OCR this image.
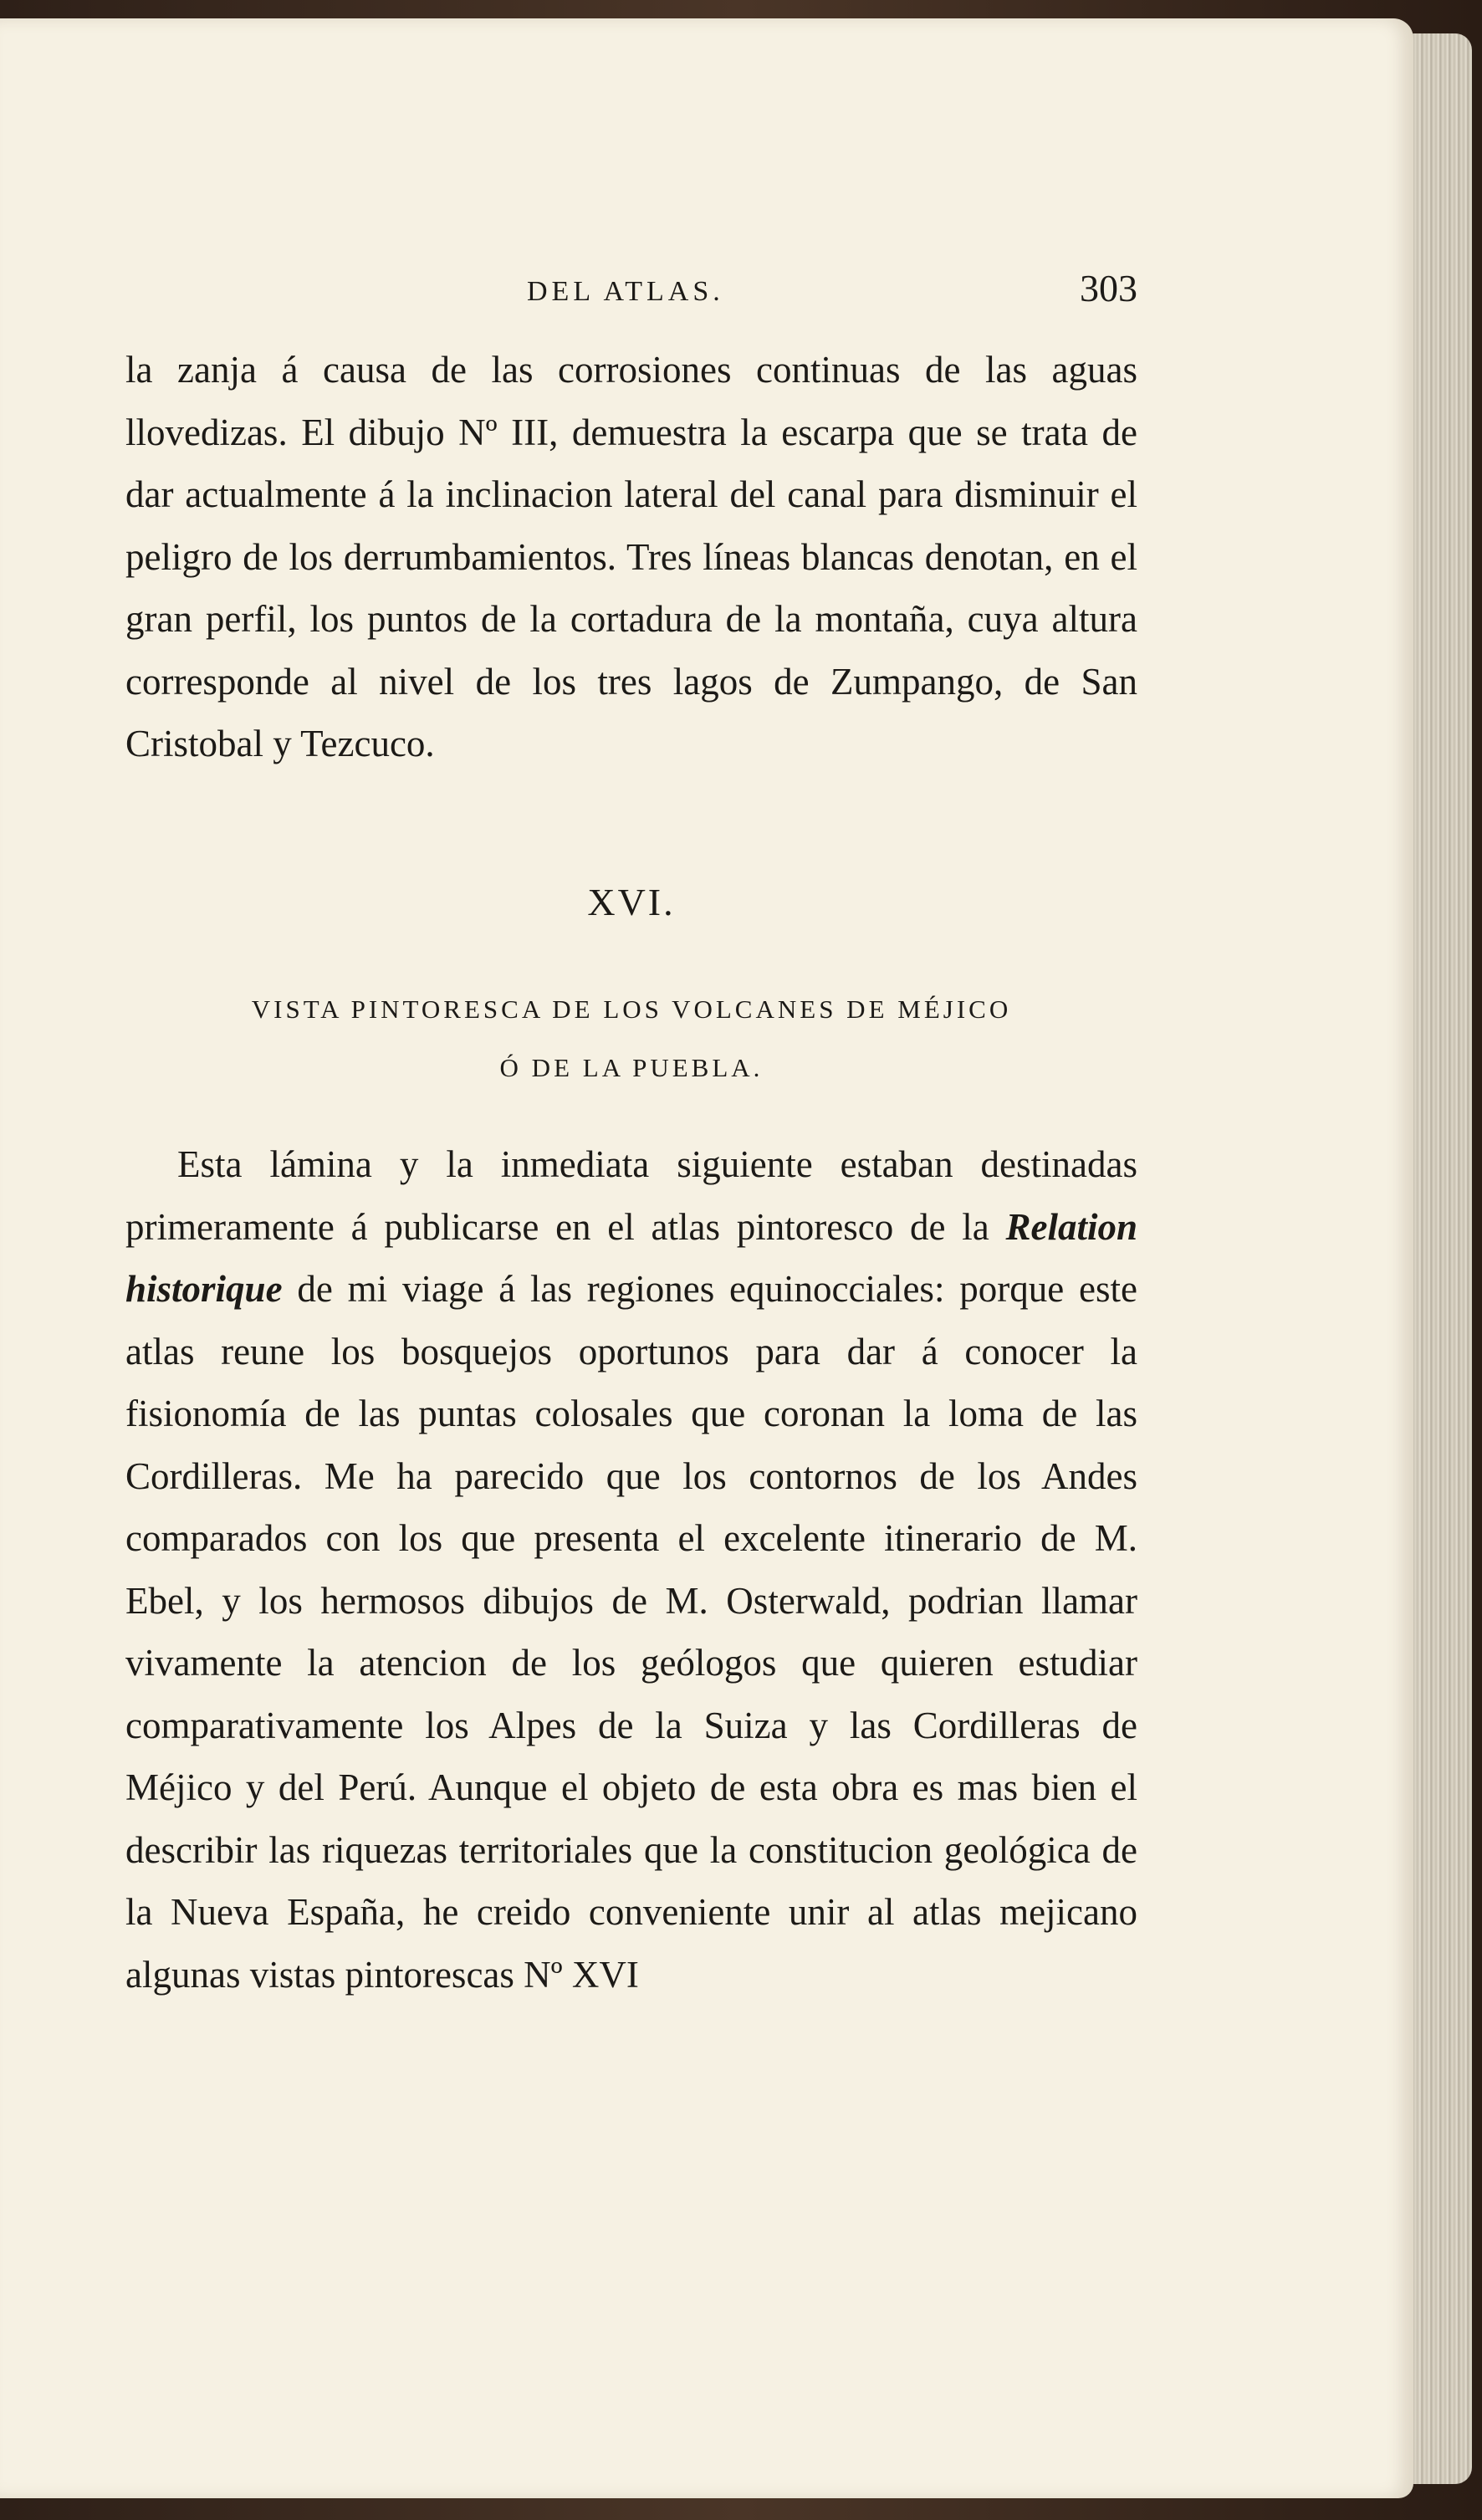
DEL ATLAS.	303

la zanja á causa de las corrosiones continuas de las aguas llovedizas. El dibujo Nº III, demuestra la escarpa que se trata de dar actualmente á la inclinacion lateral del canal para disminuir el peligro de los derrumbamientos. Tres líneas blancas denotan, en el gran perfil, los puntos de la cortadura de la montaña, cuya altura corresponde al nivel de los tres lagos de Zumpango, de San Cristobal y Tezcuco.

XVI.

VISTA PINTORESCA DE LOS VOLCANES DE MÉJICO
Ó DE LA PUEBLA.

Esta lámina y la inmediata siguiente estaban destinadas primeramente á publicarse en el atlas pintoresco de la Relation historique de mi viage á las regiones equinocciales: porque este atlas reune los bosquejos oportunos para dar á conocer la fisionomía de las puntas colosales que coronan la loma de las Cordilleras. Me ha parecido que los contornos de los Andes comparados con los que presenta el excelente itinerario de M. Ebel, y los hermosos dibujos de M. Osterwald, podrian llamar vivamente la atencion de los geólogos que quieren estudiar comparativamente los Alpes de la Suiza y las Cordilleras de Méjico y del Perú. Aunque el objeto de esta obra es mas bien el describir las riquezas territoriales que la constitucion geológica de la Nueva España, he creido conveniente unir al atlas mejicano algunas vistas pintorescas Nº XVI
